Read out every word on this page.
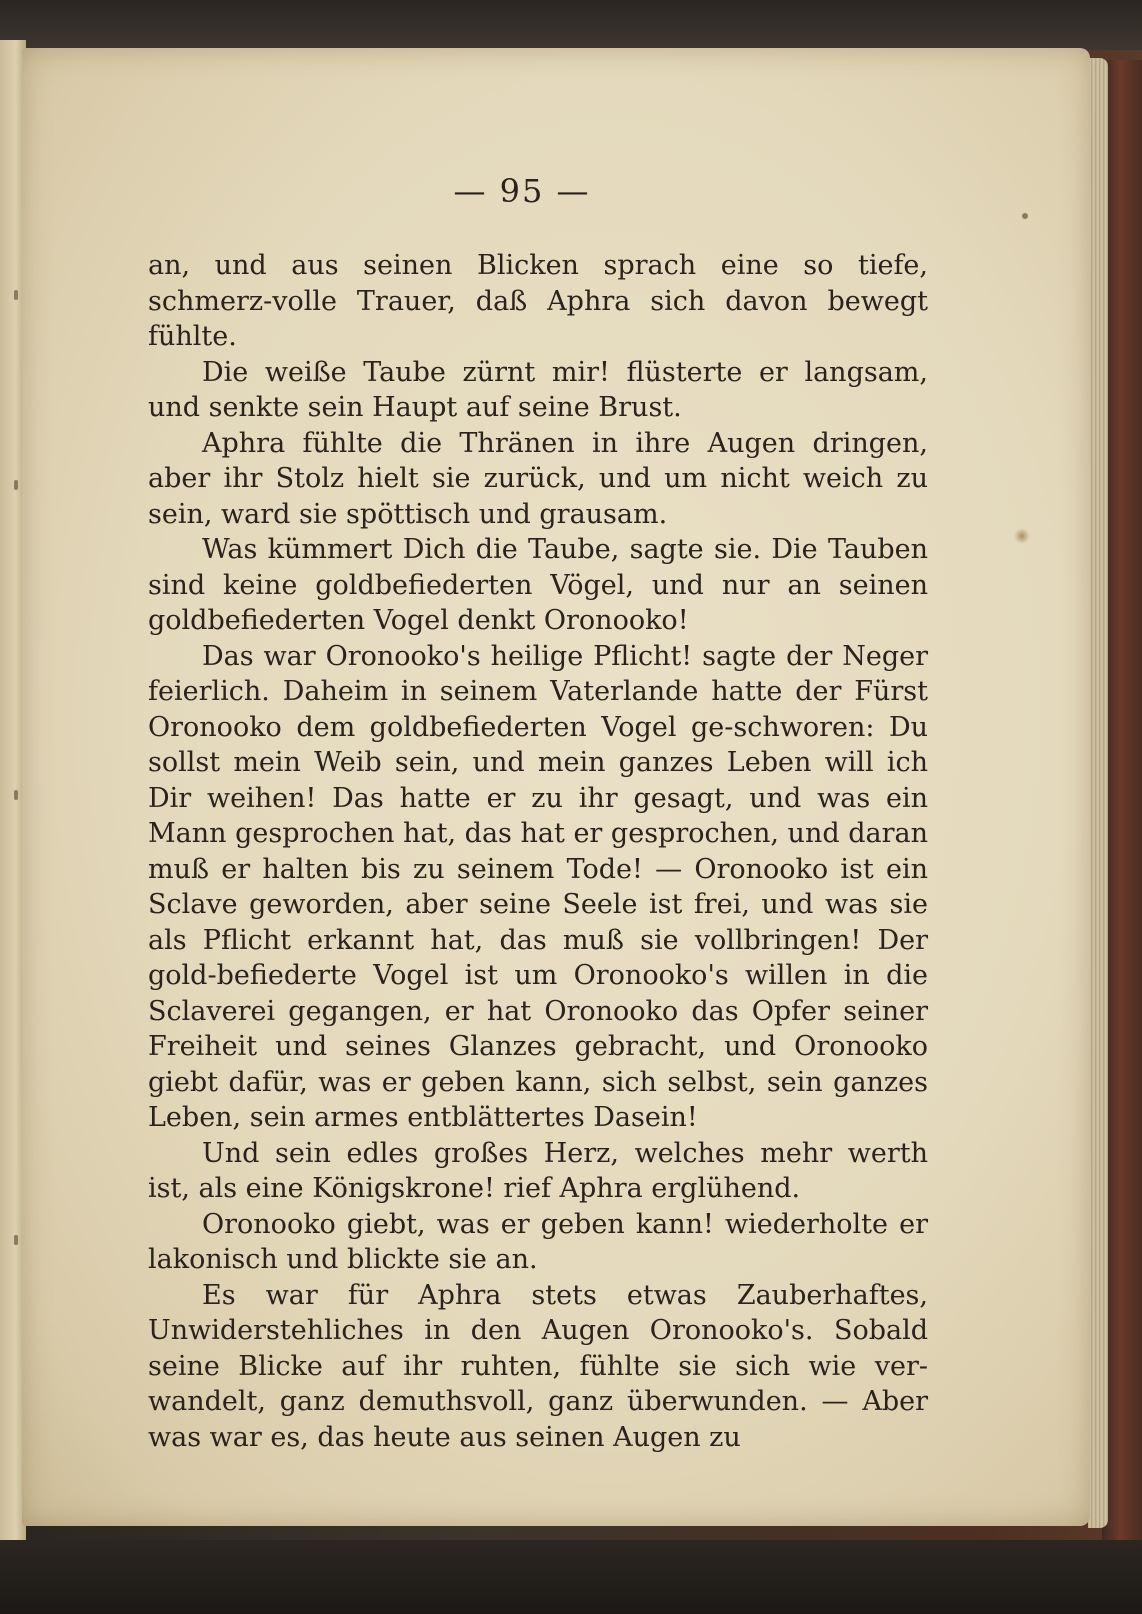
— 95 —

an, und aus seinen Blicken sprach eine so tiefe, schmerz-volle Trauer, daß Aphra sich davon bewegt fühlte.

Die weiße Taube zürnt mir! flüsterte er langsam, und senkte sein Haupt auf seine Brust.

Aphra fühlte die Thränen in ihre Augen dringen, aber ihr Stolz hielt sie zurück, und um nicht weich zu sein, ward sie spöttisch und grausam.

Was kümmert Dich die Taube, sagte sie. Die Tauben sind keine goldbefiederten Vögel, und nur an seinen goldbefiederten Vogel denkt Oronooko!

Das war Oronooko's heilige Pflicht! sagte der Neger feierlich. Daheim in seinem Vaterlande hatte der Fürst Oronooko dem goldbefiederten Vogel ge-schworen: Du sollst mein Weib sein, und mein ganzes Leben will ich Dir weihen! Das hatte er zu ihr gesagt, und was ein Mann gesprochen hat, das hat er gesprochen, und daran muß er halten bis zu seinem Tode! — Oronooko ist ein Sclave geworden, aber seine Seele ist frei, und was sie als Pflicht erkannt hat, das muß sie vollbringen! Der gold-befiederte Vogel ist um Oronooko's willen in die Sclaverei gegangen, er hat Oronooko das Opfer seiner Freiheit und seines Glanzes gebracht, und Oronooko giebt dafür, was er geben kann, sich selbst, sein ganzes Leben, sein armes entblättertes Dasein!

Und sein edles großes Herz, welches mehr werth ist, als eine Königskrone! rief Aphra erglühend.

Oronooko giebt, was er geben kann! wiederholte er lakonisch und blickte sie an.

Es war für Aphra stets etwas Zauberhaftes, Unwiderstehliches in den Augen Oronooko's. Sobald seine Blicke auf ihr ruhten, fühlte sie sich wie ver-wandelt, ganz demuthsvoll, ganz überwunden. — Aber was war es, das heute aus seinen Augen zu
